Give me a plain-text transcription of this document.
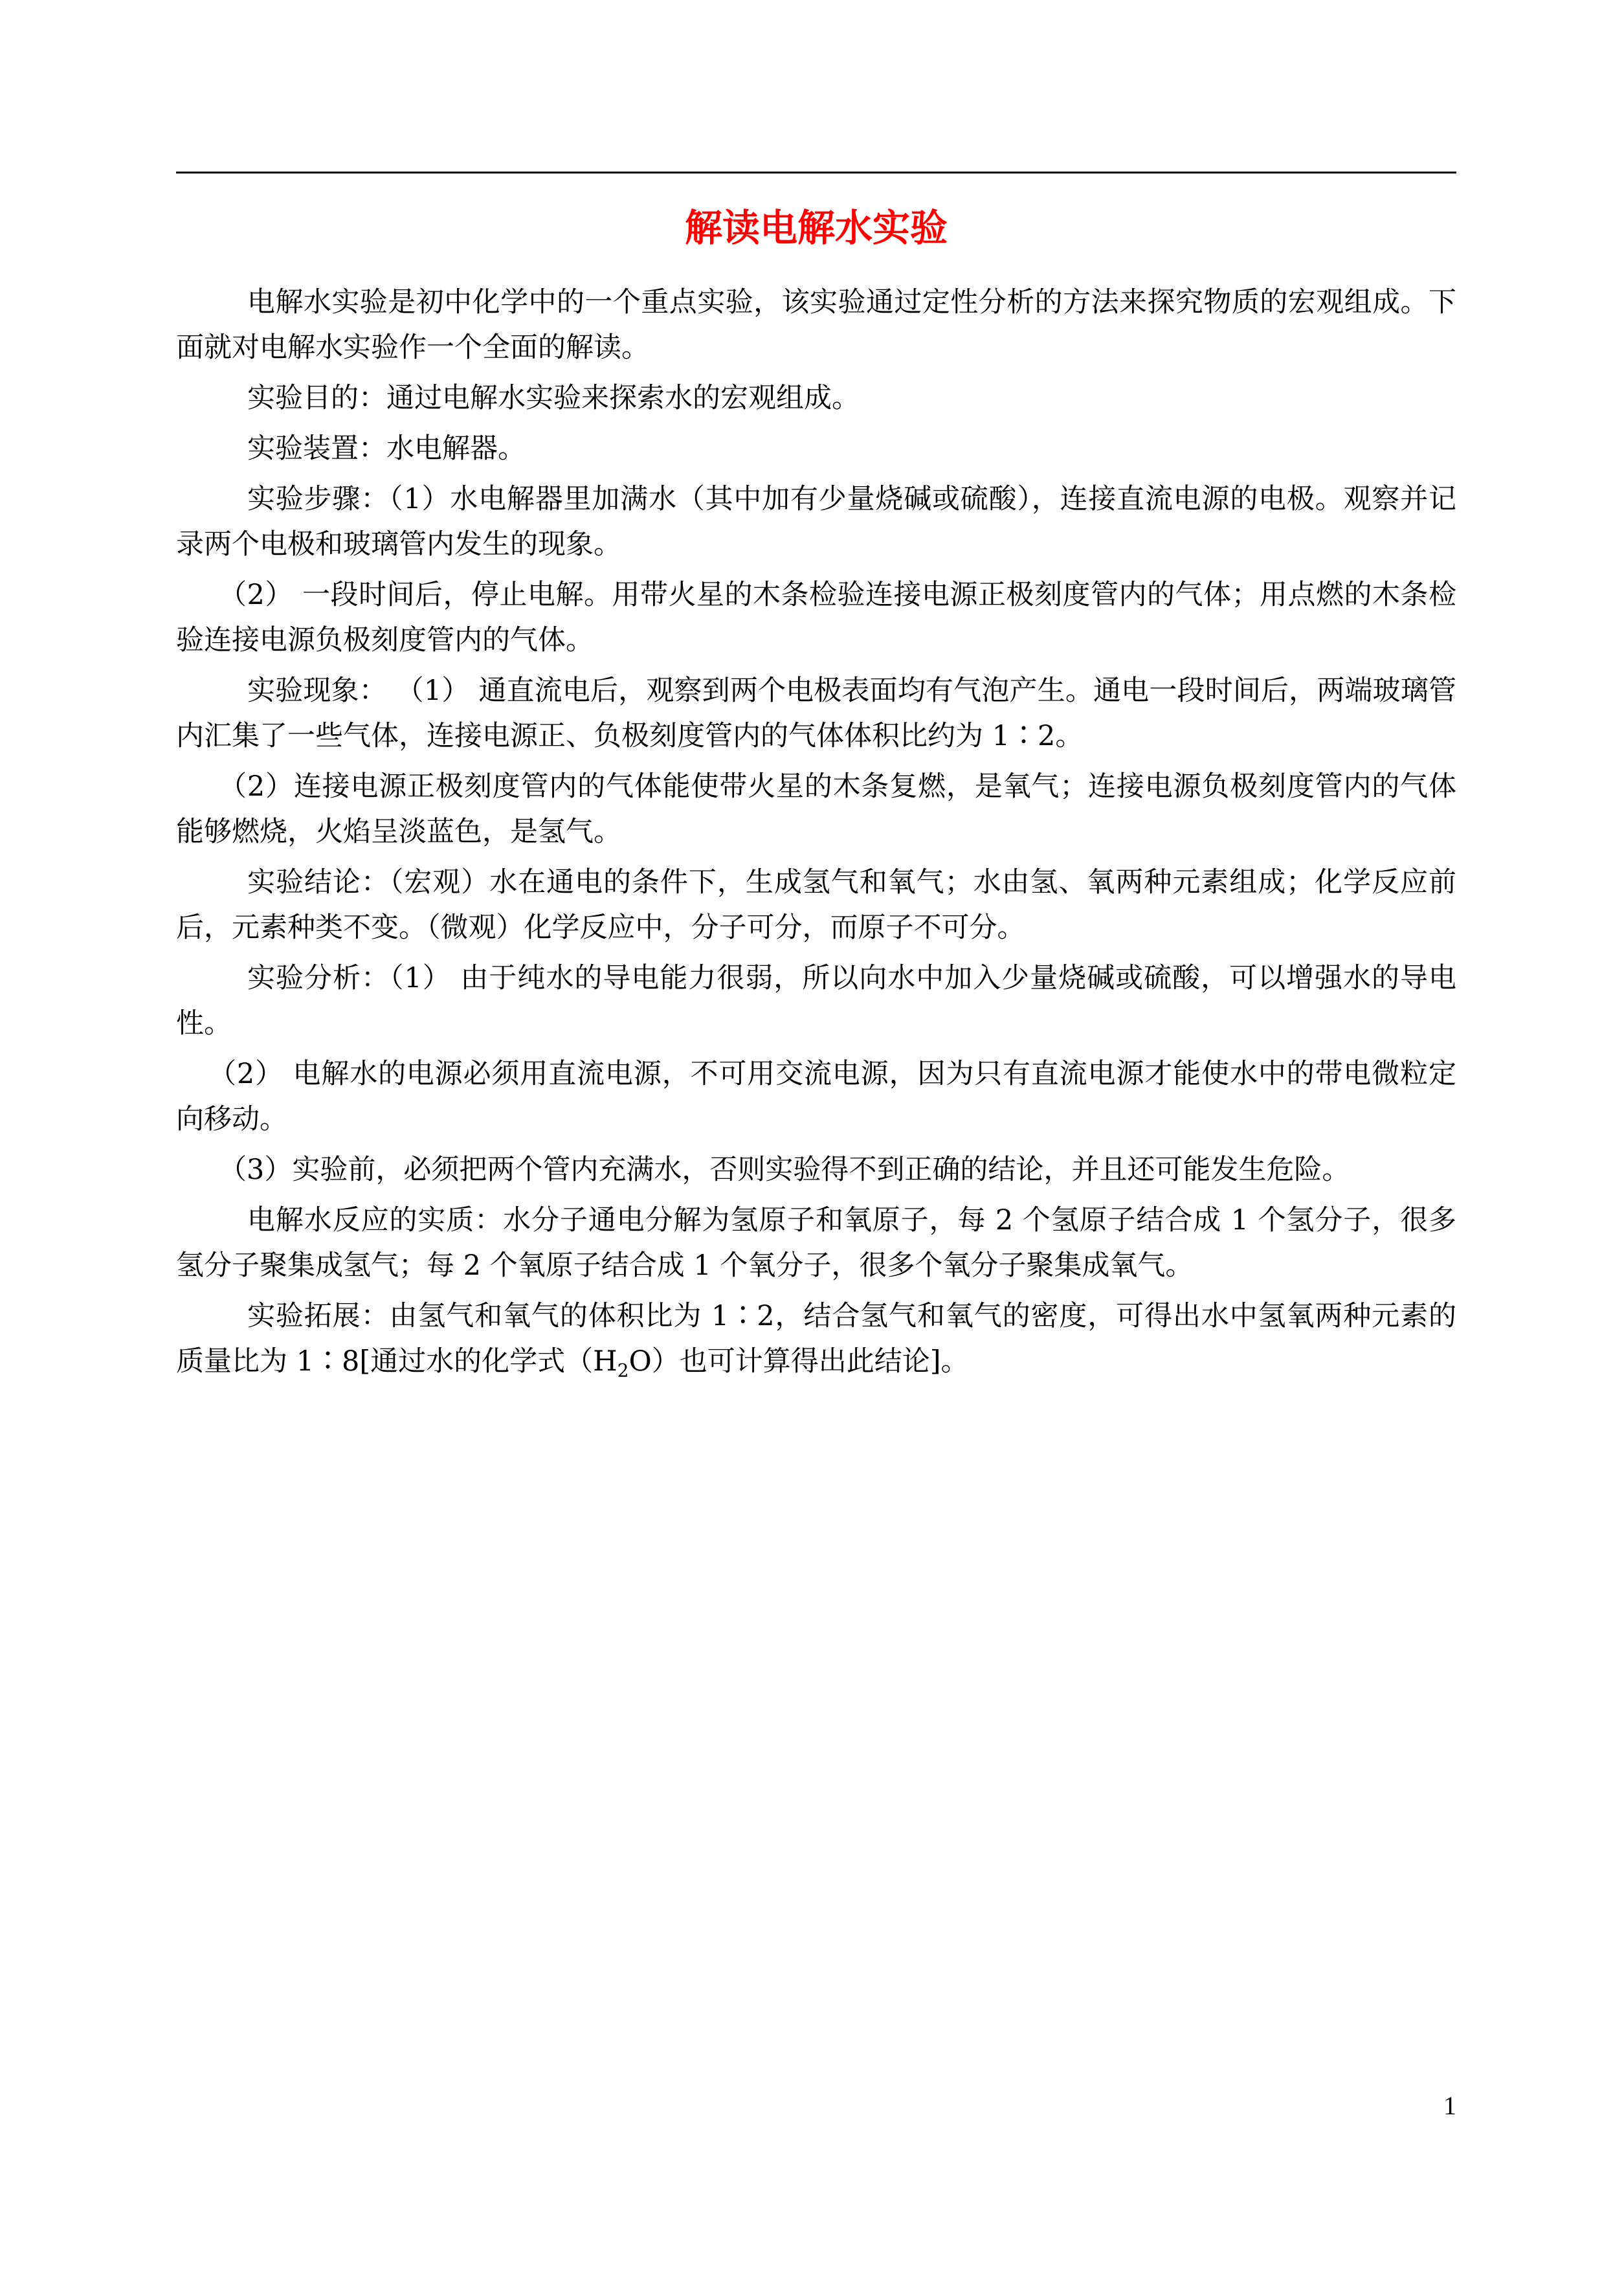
解读电解水实验

电解水实验是初中化学中的一个重点实验，该实验通过定性分析的方法来探究物质的宏观组成。下面就对电解水实验作一个全面的解读。

实验目的：通过电解水实验来探索水的宏观组成。

实验装置：水电解器。

实验步骤：（1）水电解器里加满水（其中加有少量烧碱或硫酸），连接直流电源的电极。观察并记录两个电极和玻璃管内发生的现象。

（2） 一段时间后，停止电解。用带火星的木条检验连接电源正极刻度管内的气体；用点燃的木条检验连接电源负极刻度管内的气体。

实验现象： （1） 通直流电后，观察到两个电极表面均有气泡产生。通电一段时间后，两端玻璃管内汇集了一些气体，连接电源正、负极刻度管内的气体体积比约为 1∶2。

（2）连接电源正极刻度管内的气体能使带火星的木条复燃，是氧气；连接电源负极刻度管内的气体能够燃烧，火焰呈淡蓝色，是氢气。

实验结论：（宏观）水在通电的条件下，生成氢气和氧气；水由氢、氧两种元素组成；化学反应前后，元素种类不变。（微观）化学反应中，分子可分，而原子不可分。

实验分析：（1） 由于纯水的导电能力很弱，所以向水中加入少量烧碱或硫酸，可以增强水的导电性。

（2） 电解水的电源必须用直流电源，不可用交流电源，因为只有直流电源才能使水中的带电微粒定向移动。

（3）实验前，必须把两个管内充满水，否则实验得不到正确的结论，并且还可能发生危险。

电解水反应的实质：水分子通电分解为氢原子和氧原子，每 2 个氢原子结合成 1 个氢分子，很多氢分子聚集成氢气；每 2 个氧原子结合成 1 个氧分子，很多个氧分子聚集成氧气。

实验拓展：由氢气和氧气的体积比为 1∶2，结合氢气和氧气的密度，可得出水中氢氧两种元素的质量比为 1∶8[通过水的化学式$(H_2O)$也可计算得出此结论]。

1
